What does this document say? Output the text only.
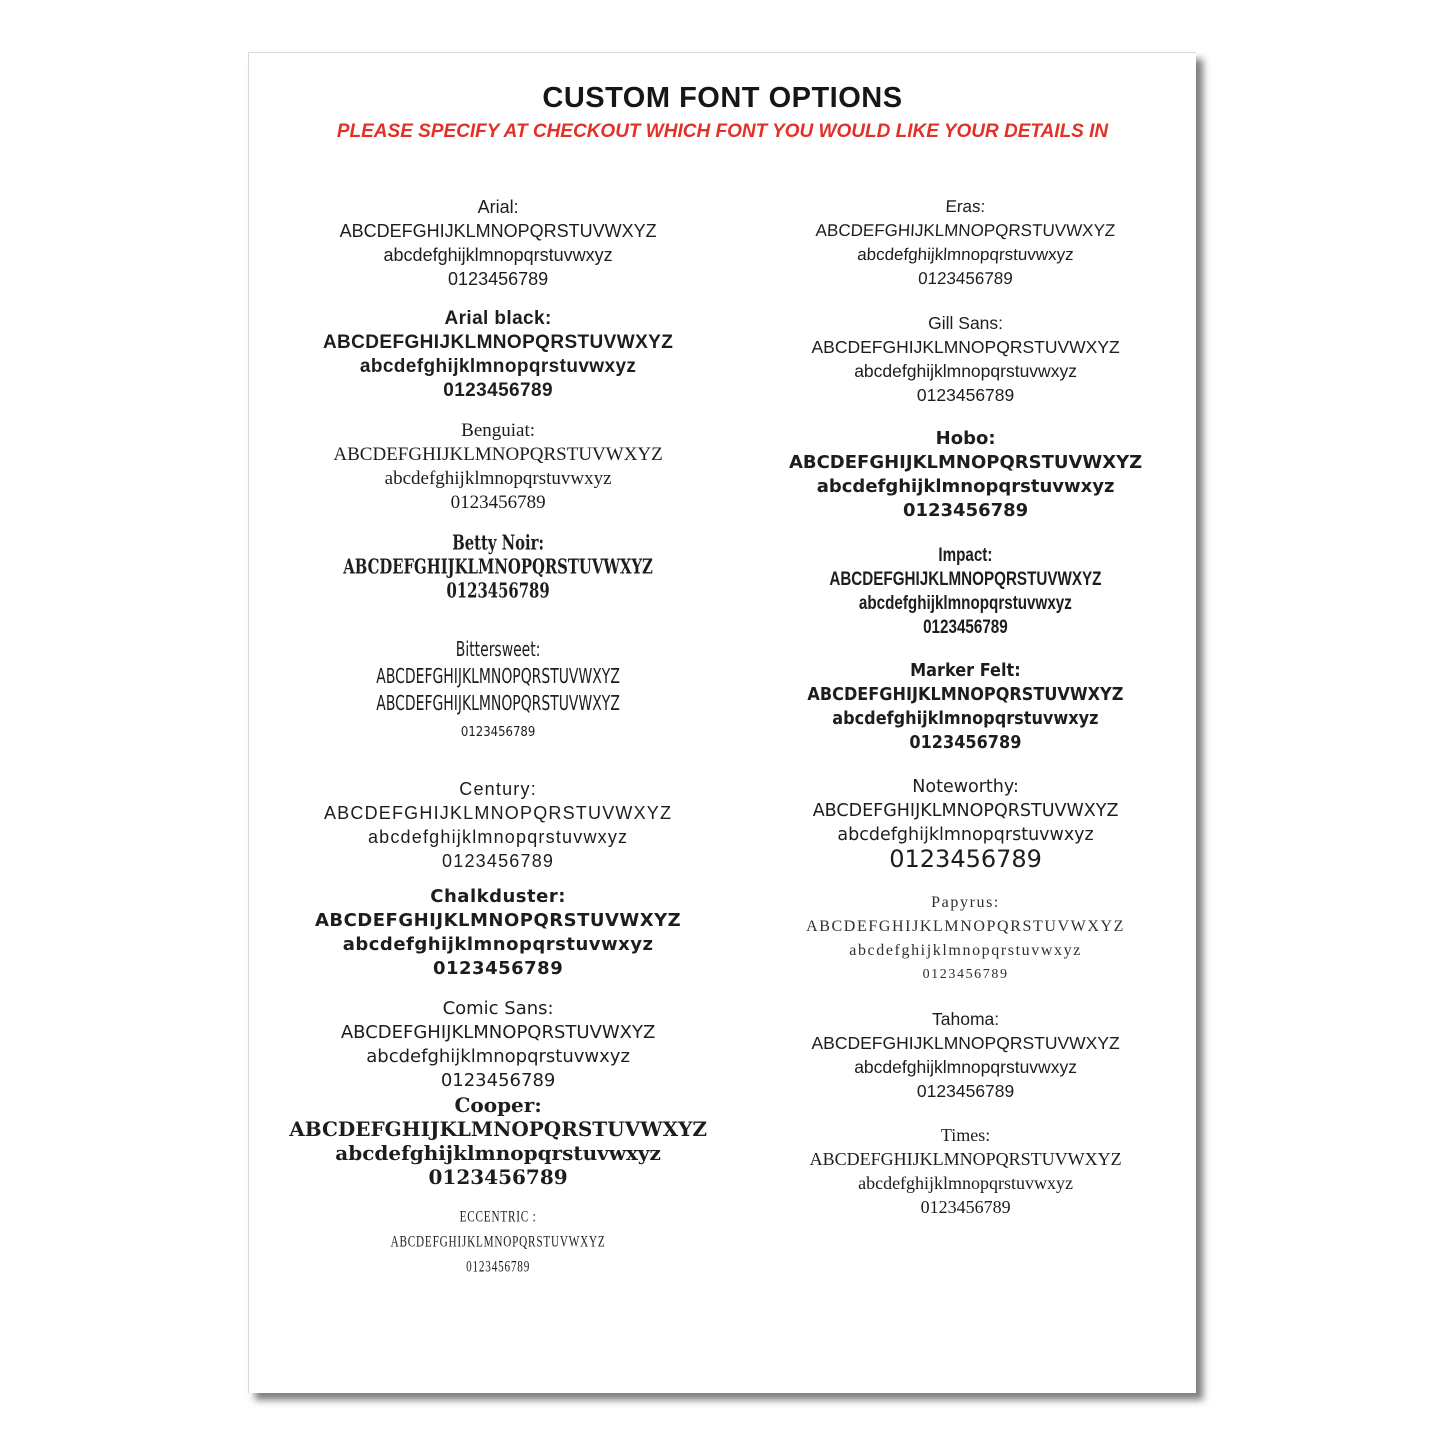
CUSTOM FONT OPTIONS
PLEASE SPECIFY AT CHECKOUT WHICH FONT YOU WOULD LIKE YOUR DETAILS IN
Arial:
ABCDEFGHIJKLMNOPQRSTUVWXYZ
abcdefghijklmnopqrstuvwxyz
0123456789
Arial black:
ABCDEFGHIJKLMNOPQRSTUVWXYZ
abcdefghijklmnopqrstuvwxyz
0123456789
Benguiat:
ABCDEFGHIJKLMNOPQRSTUVWXYZ
abcdefghijklmnopqrstuvwxyz
0123456789
Betty Noir:
ABCDEFGHIJKLMNOPQRSTUVWXYZ
0123456789
Bittersweet:
ABCDEFGHIJKLMNOPQRSTUVWXYZ
ABCDEFGHIJKLMNOPQRSTUVWXYZ
0123456789
Century:
ABCDEFGHIJKLMNOPQRSTUVWXYZ
abcdefghijklmnopqrstuvwxyz
0123456789
Chalkduster:
ABCDEFGHIJKLMNOPQRSTUVWXYZ
abcdefghijklmnopqrstuvwxyz
0123456789
Comic Sans:
ABCDEFGHIJKLMNOPQRSTUVWXYZ
abcdefghijklmnopqrstuvwxyz
0123456789
Cooper:
ABCDEFGHIJKLMNOPQRSTUVWXYZ
abcdefghijklmnopqrstuvwxyz
0123456789
ECCENTRIC :
ABCDEFGHIJKLMNOPQRSTUVWXYZ
0123456789
Eras:
ABCDEFGHIJKLMNOPQRSTUVWXYZ
abcdefghijklmnopqrstuvwxyz
0123456789
Gill Sans:
ABCDEFGHIJKLMNOPQRSTUVWXYZ
abcdefghijklmnopqrstuvwxyz
0123456789
Hobo:
ABCDEFGHIJKLMNOPQRSTUVWXYZ
abcdefghijklmnopqrstuvwxyz
0123456789
Impact:
ABCDEFGHIJKLMNOPQRSTUVWXYZ
abcdefghijklmnopqrstuvwxyz
0123456789
Marker Felt:
ABCDEFGHIJKLMNOPQRSTUVWXYZ
abcdefghijklmnopqrstuvwxyz
0123456789
Noteworthy:
ABCDEFGHIJKLMNOPQRSTUVWXYZ
abcdefghijklmnopqrstuvwxyz
0123456789
Papyrus:
ABCDEFGHIJKLMNOPQRSTUVWXYZ
abcdefghijklmnopqrstuvwxyz
0123456789
Tahoma:
ABCDEFGHIJKLMNOPQRSTUVWXYZ
abcdefghijklmnopqrstuvwxyz
0123456789
Times:
ABCDEFGHIJKLMNOPQRSTUVWXYZ
abcdefghijklmnopqrstuvwxyz
0123456789
